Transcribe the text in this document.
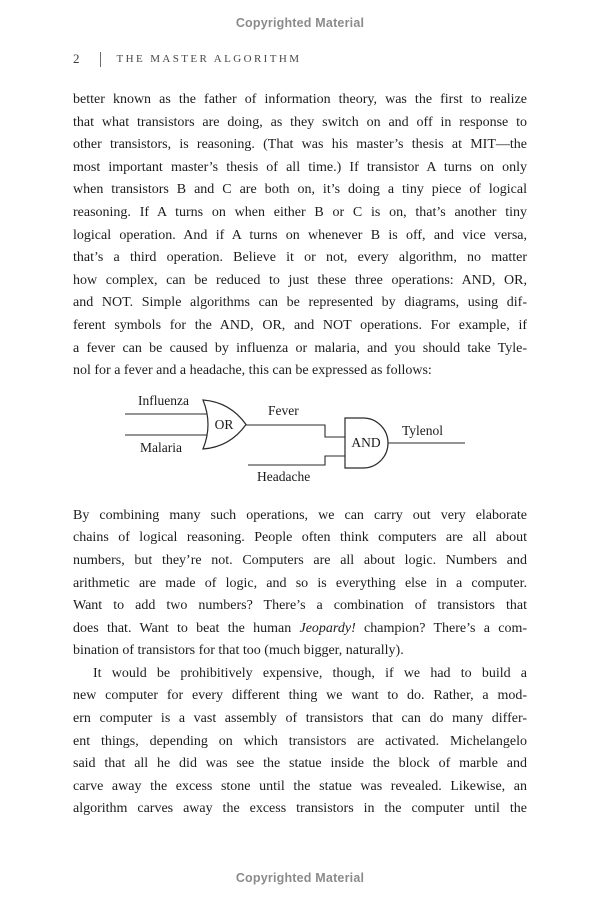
Copyrighted Material
2	THE MASTER ALGORITHM
better known as the father of information theory, was the first to realize
that what transistors are doing, as they switch on and off in response to
other transistors, is reasoning. (That was his master’s thesis at MIT—the
most important master’s thesis of all time.) If transistor A turns on only
when transistors B and C are both on, it’s doing a tiny piece of logical
reasoning. If A turns on when either B or C is on, that’s another tiny
logical operation. And if A turns on whenever B is off, and vice versa,
that’s a third operation. Believe it or not, every algorithm, no matter
how complex, can be reduced to just these three operations: AND, OR,
and NOT. Simple algorithms can be represented by diagrams, using dif-
ferent symbols for the AND, OR, and NOT operations. For example, if
a fever can be caused by influenza or malaria, and you should take Tyle-
nol for a fever and a headache, this can be expressed as follows:
OR
AND
Influenza
Malaria
Fever
Headache
Tylenol
By combining many such operations, we can carry out very elaborate
chains of logical reasoning. People often think computers are all about
numbers, but they’re not. Computers are all about logic. Numbers and
arithmetic are made of logic, and so is everything else in a computer.
Want to add two numbers? There’s a combination of transistors that
does that. Want to beat the human Jeopardy! champion? There’s a com-
bination of transistors for that too (much bigger, naturally).
It would be prohibitively expensive, though, if we had to build a
new computer for every different thing we want to do. Rather, a mod-
ern computer is a vast assembly of transistors that can do many differ-
ent things, depending on which transistors are activated. Michelangelo
said that all he did was see the statue inside the block of marble and
carve away the excess stone until the statue was revealed. Likewise, an
algorithm carves away the excess transistors in the computer until the
Copyrighted Material
